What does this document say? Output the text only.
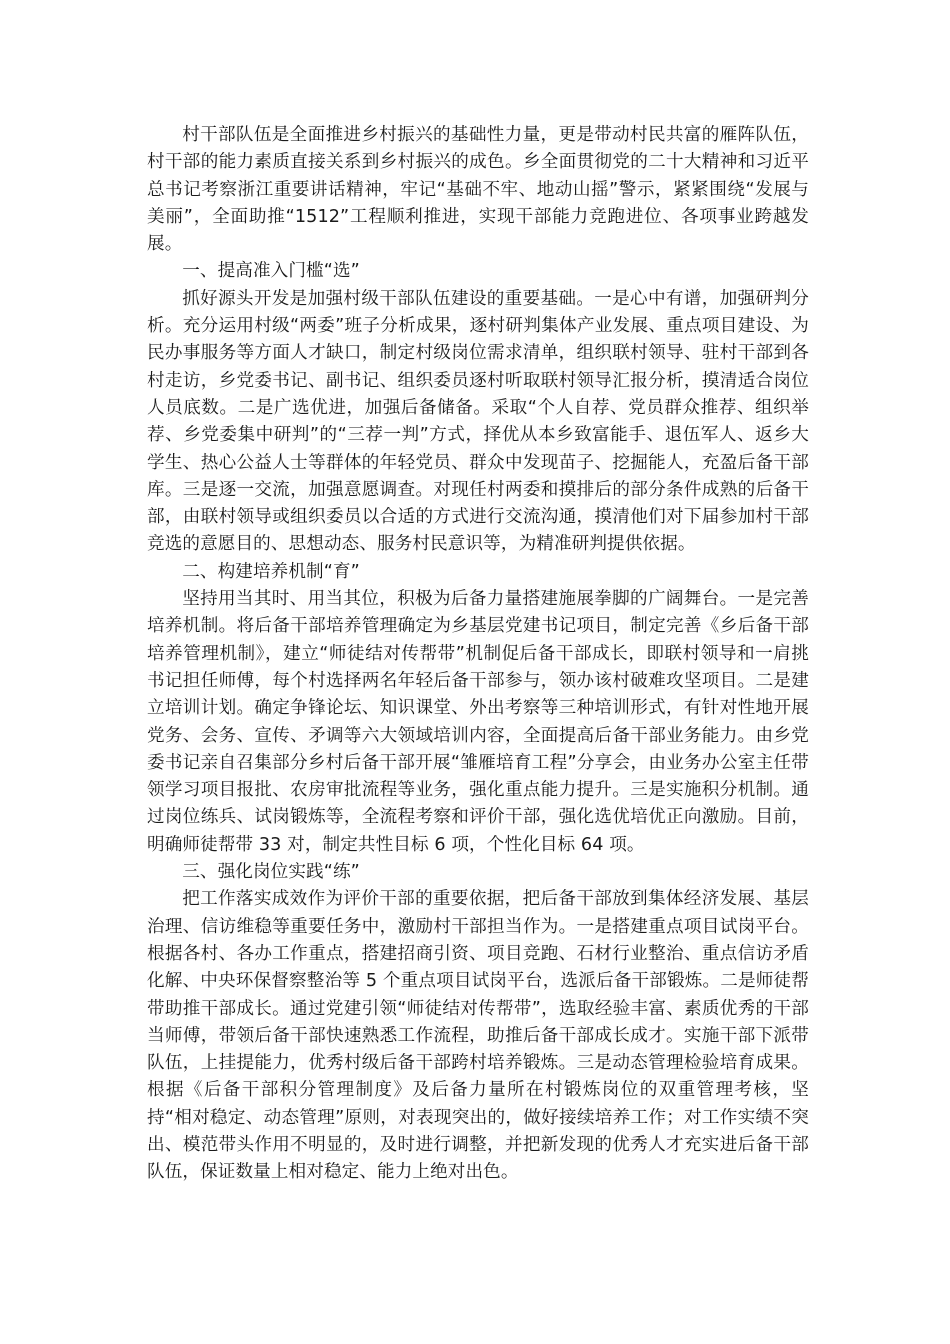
村干部队伍是全面推进乡村振兴的基础性力量，更是带动村民共富的雁阵队伍，村干部的能力素质直接关系到乡村振兴的成色。乡全面贯彻党的二十大精神和习近平总书记考察浙江重要讲话精神，牢记“基础不牢、地动山摇”警示，紧紧围绕“发展与美丽”，全面助推“1512”工程顺利推进，实现干部能力竞跑进位、各项事业跨越发展。

一、提高准入门槛“选”

抓好源头开发是加强村级干部队伍建设的重要基础。一是心中有谱，加强研判分析。充分运用村级“两委”班子分析成果，逐村研判集体产业发展、重点项目建设、为民办事服务等方面人才缺口，制定村级岗位需求清单，组织联村领导、驻村干部到各村走访，乡党委书记、副书记、组织委员逐村听取联村领导汇报分析，摸清适合岗位人员底数。二是广选优进，加强后备储备。采取“个人自荐、党员群众推荐、组织举荐、乡党委集中研判”的“三荐一判”方式，择优从本乡致富能手、退伍军人、返乡大学生、热心公益人士等群体的年轻党员、群众中发现苗子、挖掘能人，充盈后备干部库。三是逐一交流，加强意愿调查。对现任村两委和摸排后的部分条件成熟的后备干部，由联村领导或组织委员以合适的方式进行交流沟通，摸清他们对下届参加村干部竞选的意愿目的、思想动态、服务村民意识等，为精准研判提供依据。

二、构建培养机制“育”

坚持用当其时、用当其位，积极为后备力量搭建施展拳脚的广阔舞台。一是完善培养机制。将后备干部培养管理确定为乡基层党建书记项目，制定完善《乡后备干部培养管理机制》，建立“师徒结对传帮带”机制促后备干部成长，即联村领导和一肩挑书记担任师傅，每个村选择两名年轻后备干部参与，领办该村破难攻坚项目。二是建立培训计划。确定争锋论坛、知识课堂、外出考察等三种培训形式，有针对性地开展党务、会务、宣传、矛调等六大领域培训内容，全面提高后备干部业务能力。由乡党委书记亲自召集部分乡村后备干部开展“雏雁培育工程”分享会，由业务办公室主任带领学习项目报批、农房审批流程等业务，强化重点能力提升。三是实施积分机制。通过岗位练兵、试岗锻炼等，全流程考察和评价干部，强化选优培优正向激励。目前，明确师徒帮带 33 对，制定共性目标 6 项，个性化目标 64 项。

三、强化岗位实践“练”

把工作落实成效作为评价干部的重要依据，把后备干部放到集体经济发展、基层治理、信访维稳等重要任务中，激励村干部担当作为。一是搭建重点项目试岗平台。根据各村、各办工作重点，搭建招商引资、项目竞跑、石材行业整治、重点信访矛盾化解、中央环保督察整治等 5 个重点项目试岗平台，选派后备干部锻炼。二是师徒帮带助推干部成长。通过党建引领“师徒结对传帮带”，选取经验丰富、素质优秀的干部当师傅，带领后备干部快速熟悉工作流程，助推后备干部成长成才。实施干部下派带队伍，上挂提能力，优秀村级后备干部跨村培养锻炼。三是动态管理检验培育成果。根据《后备干部积分管理制度》及后备力量所在村锻炼岗位的双重管理考核，坚持“相对稳定、动态管理”原则，对表现突出的，做好接续培养工作；对工作实绩不突出、模范带头作用不明显的，及时进行调整，并把新发现的优秀人才充实进后备干部队伍，保证数量上相对稳定、能力上绝对出色。
